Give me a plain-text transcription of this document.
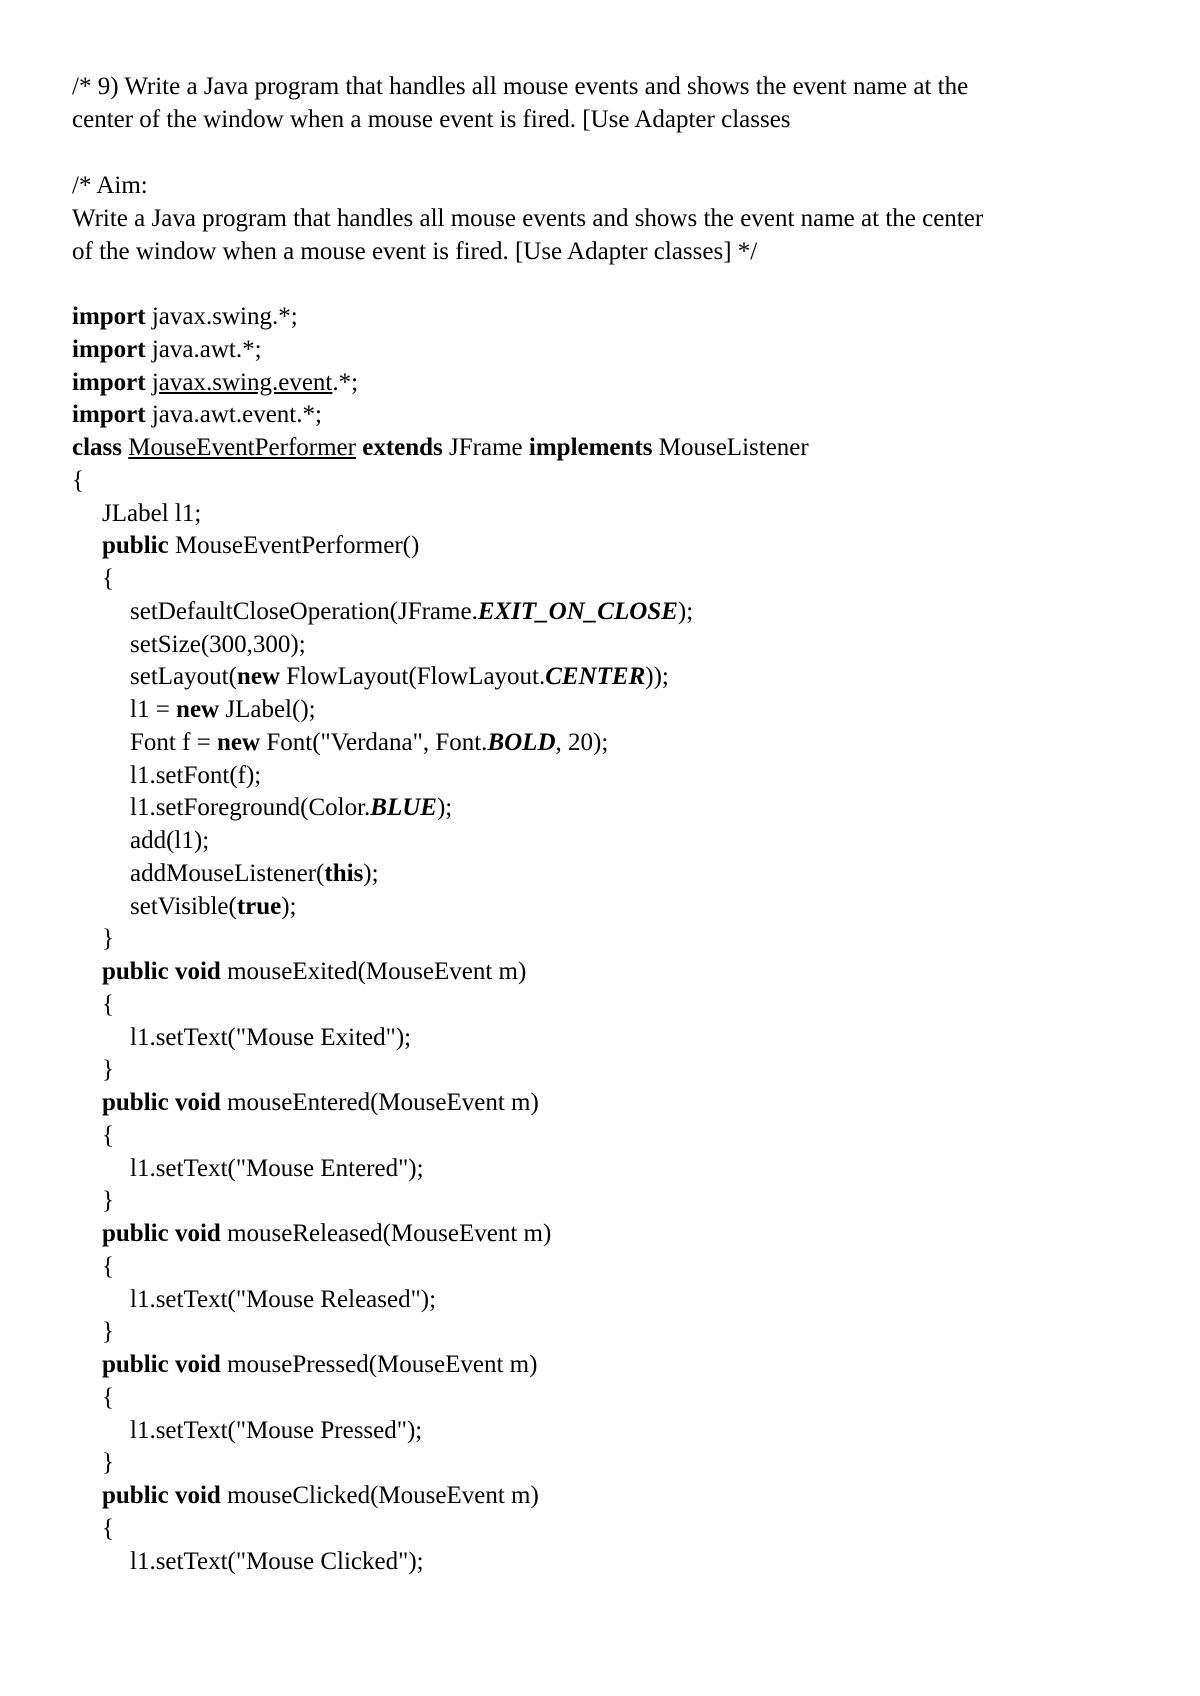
/* 9) Write a Java program that handles all mouse events and shows the event name at the

center of the window when a mouse event is fired. [Use Adapter classes

/* Aim:

Write a Java program that handles all mouse events and shows the event name at the center

of the window when a mouse event is fired. [Use Adapter classes] */

import javax.swing.*;
import java.awt.*;
import javax.swing.event.*;
import java.awt.event.*;
class MouseEventPerformer extends JFrame implements MouseListener
{
JLabel l1;
public MouseEventPerformer()
{
setDefaultCloseOperation(JFrame.EXIT_ON_CLOSE);
setSize(300,300);
setLayout(new FlowLayout(FlowLayout.CENTER));
l1 = new JLabel();
Font f = new Font("Verdana", Font.BOLD, 20);
l1.setFont(f);
l1.setForeground(Color.BLUE);
add(l1);
addMouseListener(this);
setVisible(true);
}
public void mouseExited(MouseEvent m)
{
l1.setText("Mouse Exited");
}
public void mouseEntered(MouseEvent m)
{
l1.setText("Mouse Entered");
}
public void mouseReleased(MouseEvent m)
{
l1.setText("Mouse Released");
}
public void mousePressed(MouseEvent m)
{
l1.setText("Mouse Pressed");
}
public void mouseClicked(MouseEvent m)
{
l1.setText("Mouse Clicked");
